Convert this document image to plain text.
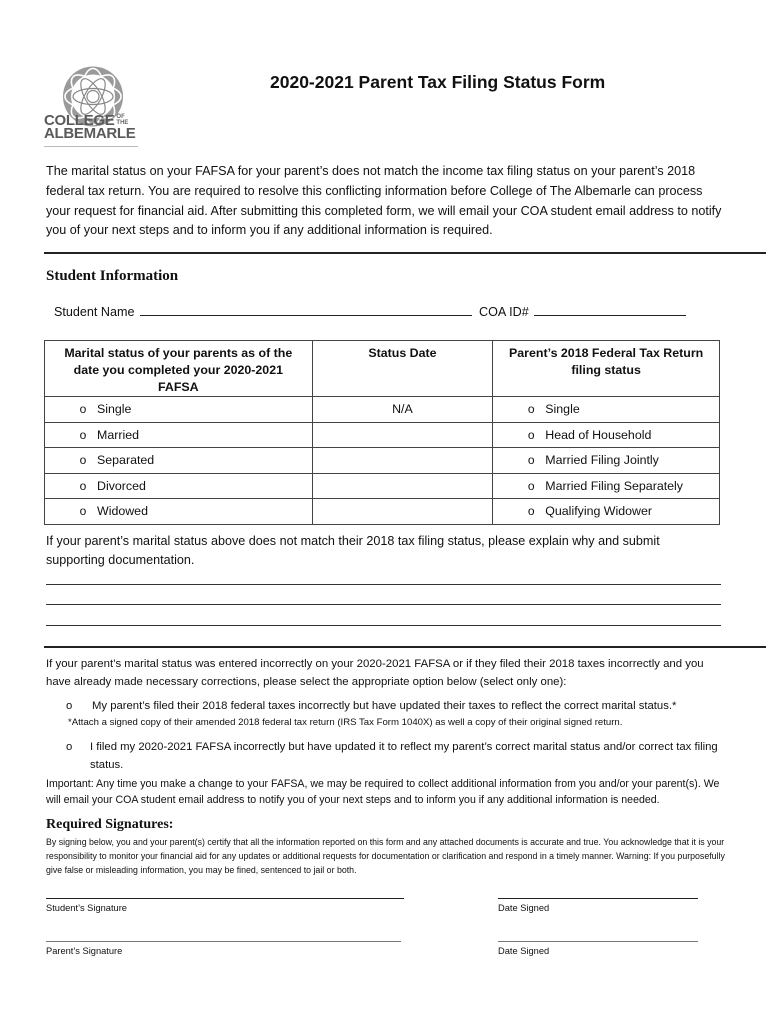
COLLEGE OF THE
ALBEMARLE
2020-2021 Parent Tax Filing Status Form
The marital status on your FAFSA for your parent’s does not match the income tax filing status on your parent’s 2018 federal tax return. You are required to resolve this conflicting information before College of The Albemarle can process your request for financial aid. After submitting this completed form, we will email your COA student email address to notify you of your next steps and to inform you if any additional information is required.
Student Information
Student Name	COA ID#
Marital status of your parents as of the date you completed your 2020-2021 FAFSA	Status Date	Parent’s 2018 Federal Tax Return filing status

o Single	N/A	o Single

o Married		o Head of Household

o Separated		o Married Filing Jointly

o Divorced		o Married Filing Separately

o Widowed		o Qualifying Widower
If your parent’s marital status above does not match their 2018 tax filing status, please explain why and submit supporting documentation.
If your parent’s marital status was entered incorrectly on your 2020-2021 FAFSA or if they filed their 2018 taxes incorrectly and you have already made necessary corrections, please select the appropriate option below (select only one):
o My parent’s filed their 2018 federal taxes incorrectly but have updated their taxes to reflect the correct marital status.*
*Attach a signed copy of their amended 2018 federal tax return (IRS Tax Form 1040X) as well a copy of their original signed return.
o	I filed my 2020-2021 FAFSA incorrectly but have updated it to reflect my parent’s correct marital status and/or correct tax filing status.
Important: Any time you make a change to your FAFSA, we may be required to collect additional information from you and/or your parent(s). We will email your COA student email address to notify you of your next steps and to inform you if any additional information is needed.
Required Signatures:
By signing below, you and your parent(s) certify that all the information reported on this form and any attached documents is accurate and true. You acknowledge that it is your responsibility to monitor your financial aid for any updates or additional requests for documentation or clarification and respond in a timely manner. Warning: If you purposefully give false or misleading information, you may be fined, sentenced to jail or both.
Student’s Signature	Date Signed
Parent’s Signature	Date Signed
